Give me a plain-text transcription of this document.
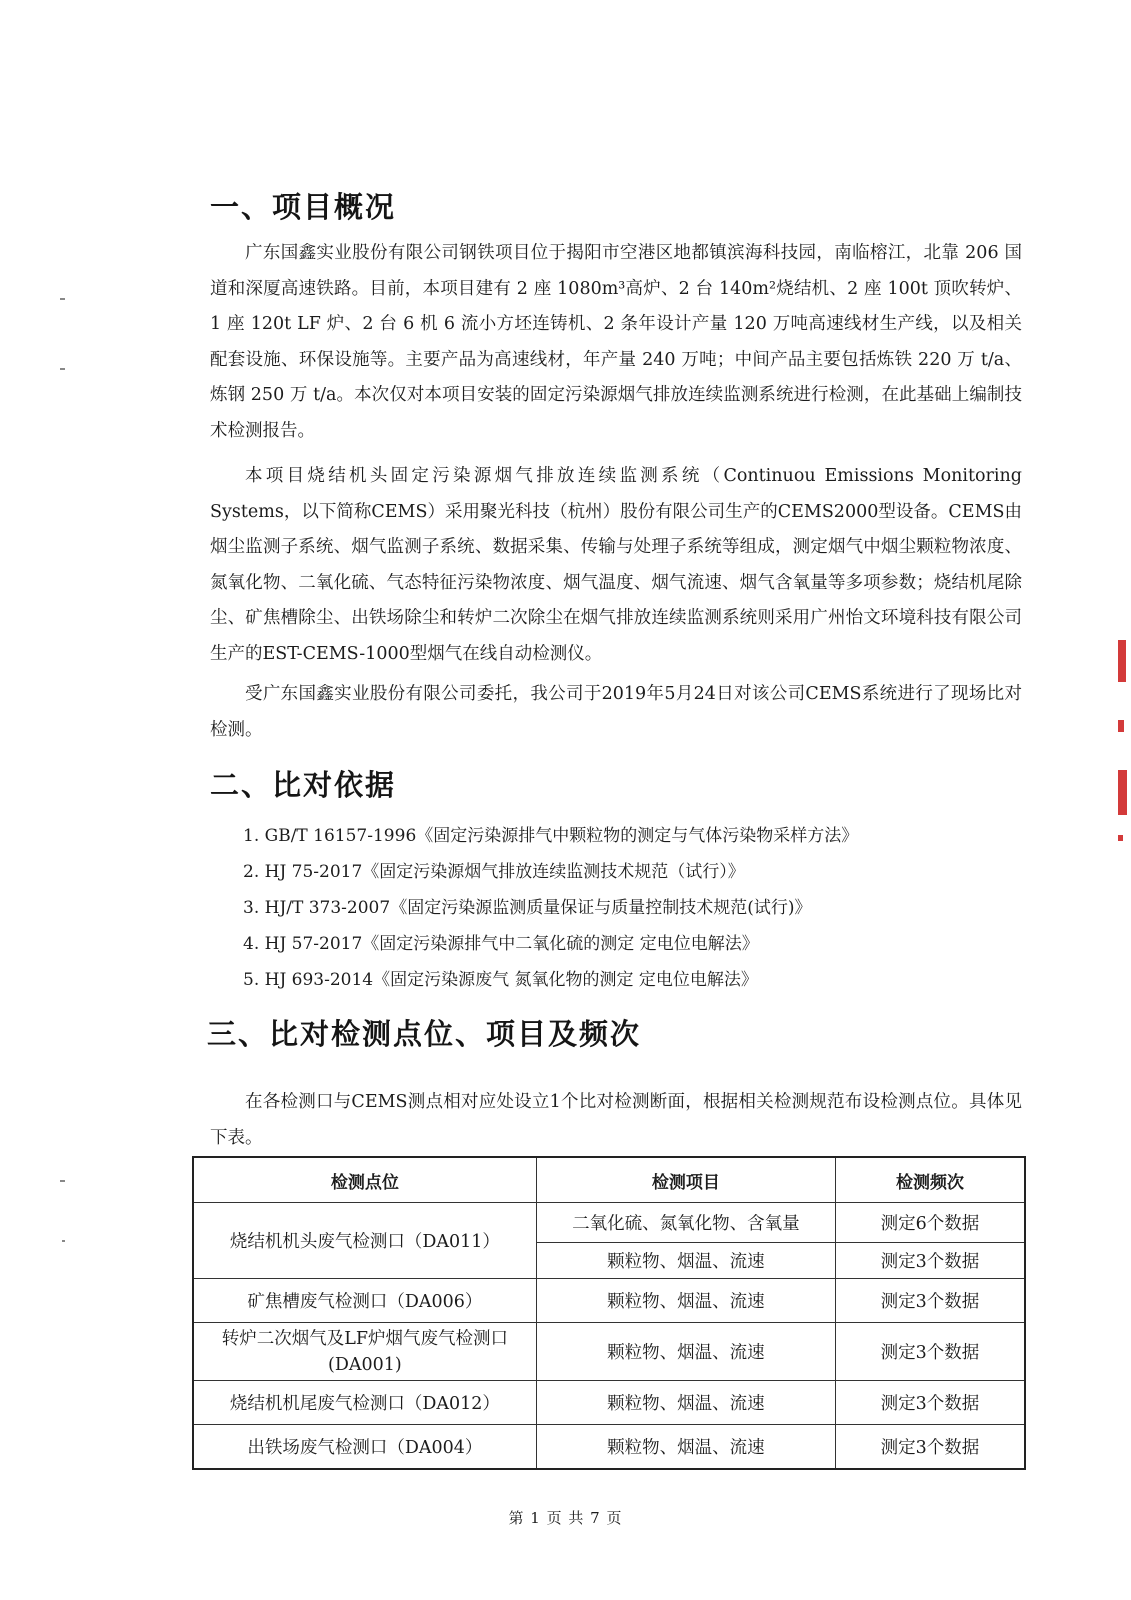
一、项目概况

广东国鑫实业股份有限公司钢铁项目位于揭阳市空港区地都镇滨海科技园，南临榕江，北靠 206 国道和深厦高速铁路。目前，本项目建有 2 座 1080m³高炉、2 台 140m²烧结机、2 座 100t 顶吹转炉、1 座 120t LF 炉、2 台 6 机 6 流小方坯连铸机、2 条年设计产量 120 万吨高速线材生产线，以及相关配套设施、环保设施等。主要产品为高速线材，年产量 240 万吨；中间产品主要包括炼铁 220 万 t/a、炼钢 250 万 t/a。本次仅对本项目安装的固定污染源烟气排放连续监测系统进行检测，在此基础上编制技术检测报告。

本项目烧结机头固定污染源烟气排放连续监测系统（Continuou Emissions Monitoring Systems，以下简称CEMS）采用聚光科技（杭州）股份有限公司生产的CEMS2000型设备。CEMS由烟尘监测子系统、烟气监测子系统、数据采集、传输与处理子系统等组成，测定烟气中烟尘颗粒物浓度、氮氧化物、二氧化硫、气态特征污染物浓度、烟气温度、烟气流速、烟气含氧量等多项参数；烧结机尾除尘、矿焦槽除尘、出铁场除尘和转炉二次除尘在烟气排放连续监测系统则采用广州怡文环境科技有限公司生产的EST-CEMS-1000型烟气在线自动检测仪。

受广东国鑫实业股份有限公司委托，我公司于2019年5月24日对该公司CEMS系统进行了现场比对检测。

二、比对依据
1. GB/T 16157-1996《固定污染源排气中颗粒物的测定与气体污染物采样方法》
2. HJ 75-2017《固定污染源烟气排放连续监测技术规范（试行）》
3. HJ/T 373-2007《固定污染源监测质量保证与质量控制技术规范(试行)》
4. HJ 57-2017《固定污染源排气中二氧化硫的测定 定电位电解法》
5. HJ 693-2014《固定污染源废气 氮氧化物的测定 定电位电解法》
三、比对检测点位、项目及频次

在各检测口与CEMS测点相对应处设立1个比对检测断面，根据相关检测规范布设检测点位。具体见下表。

检测点位	检测项目	检测频次
烧结机机头废气检测口（DA011）	二氧化硫、氮氧化物、含氧量	测定6个数据
	颗粒物、烟温、流速	测定3个数据
矿焦槽废气检测口（DA006）	颗粒物、烟温、流速	测定3个数据
转炉二次烟气及LF炉烟气废气检测口
(DA001)	颗粒物、烟温、流速	测定3个数据
烧结机机尾废气检测口（DA012）	颗粒物、烟温、流速	测定3个数据
出铁场废气检测口（DA004）	颗粒物、烟温、流速	测定3个数据
第 1 页 共 7 页
